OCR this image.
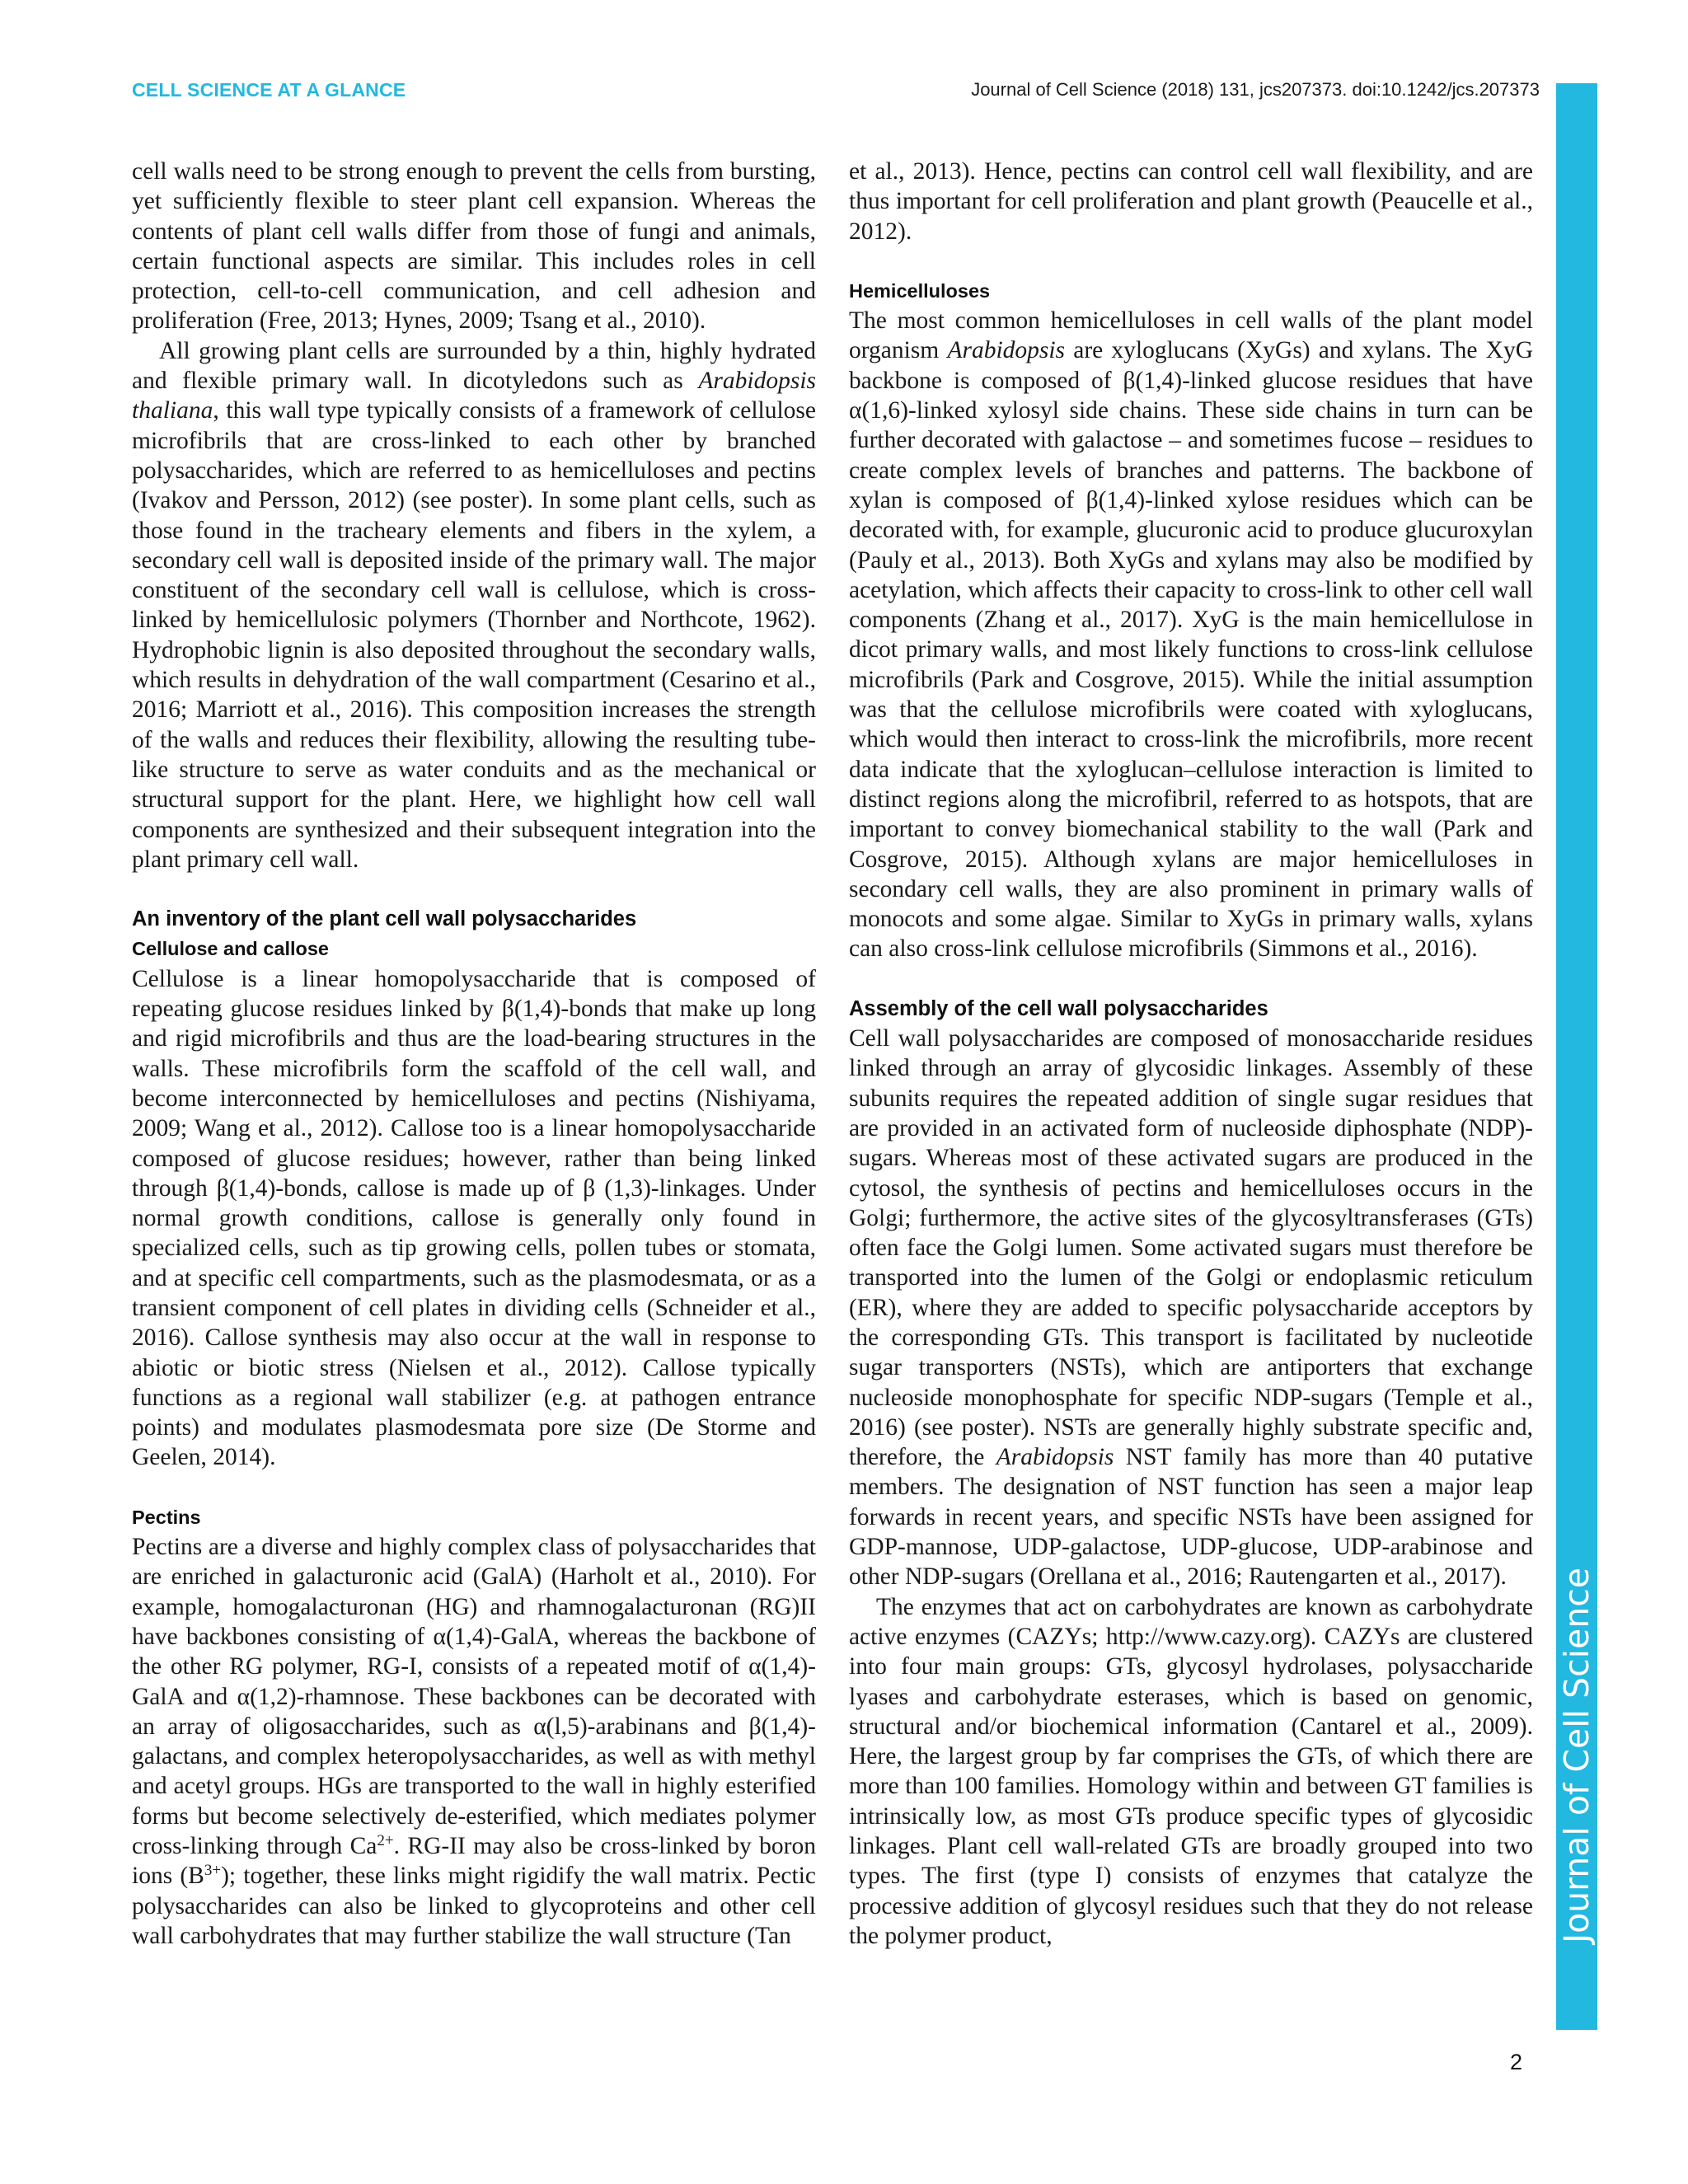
CELL SCIENCE AT A GLANCE	Journal of Cell Science (2018) 131, jcs207373. doi:10.1242/jcs.207373
Journal of Cell Science

cell walls need to be strong enough to prevent the cells from bursting, yet sufficiently flexible to steer plant cell expansion. Whereas the contents of plant cell walls differ from those of fungi and animals, certain functional aspects are similar. This includes roles in cell protection, cell-to-cell communication, and cell adhesion and proliferation (Free, 2013; Hynes, 2009; Tsang et al., 2010).

All growing plant cells are surrounded by a thin, highly hydrated and flexible primary wall. In dicotyledons such as Arabidopsis thaliana, this wall type typically consists of a framework of cellulose microfibrils that are cross-linked to each other by branched polysaccharides, which are referred to as hemicelluloses and pectins (Ivakov and Persson, 2012) (see poster). In some plant cells, such as those found in the tracheary elements and fibers in the xylem, a secondary cell wall is deposited inside of the primary wall. The major constituent of the secondary cell wall is cellulose, which is cross-linked by hemicellulosic polymers (Thornber and Northcote, 1962). Hydrophobic lignin is also deposited throughout the secondary walls, which results in dehydration of the wall compartment (Cesarino et al., 2016; Marriott et al., 2016). This composition increases the strength of the walls and reduces their flexibility, allowing the resulting tube-like structure to serve as water conduits and as the mechanical or structural support for the plant. Here, we highlight how cell wall components are synthesized and their subsequent integration into the plant primary cell wall.

An inventory of the plant cell wall polysaccharides
Cellulose and callose

Cellulose is a linear homopolysaccharide that is composed of repeating glucose residues linked by β(1,4)-bonds that make up long and rigid microfibrils and thus are the load-bearing structures in the walls. These microfibrils form the scaffold of the cell wall, and become interconnected by hemicelluloses and pectins (Nishiyama, 2009; Wang et al., 2012). Callose too is a linear homopolysaccharide composed of glucose residues; however, rather than being linked through β(1,4)-bonds, callose is made up of β (1,3)-linkages. Under normal growth conditions, callose is generally only found in specialized cells, such as tip growing cells, pollen tubes or stomata, and at specific cell compartments, such as the plasmodesmata, or as a transient component of cell plates in dividing cells (Schneider et al., 2016). Callose synthesis may also occur at the wall in response to abiotic or biotic stress (Nielsen et al., 2012). Callose typically functions as a regional wall stabilizer (e.g. at pathogen entrance points) and modulates plasmodesmata pore size (De Storme and Geelen, 2014).

Pectins

Pectins are a diverse and highly complex class of polysaccharides that are enriched in galacturonic acid (GalA) (Harholt et al., 2010). For example, homogalacturonan (HG) and rhamnogalacturonan (RG)II have backbones consisting of α(1,4)-GalA, whereas the backbone of the other RG polymer, RG-I, consists of a repeated motif of α(1,4)-GalA and α(1,2)-rhamnose. These backbones can be decorated with an array of oligosaccharides, such as α(l,5)-arabinans and β(1,4)-galactans, and complex heteropolysaccharides, as well as with methyl and acetyl groups. HGs are transported to the wall in highly esterified forms but become selectively de-esterified, which mediates polymer cross-linking through $Ca^{2+}$. RG-II may also be cross-linked by boron ions $(B^{3+})$; together, these links might rigidify the wall matrix. Pectic polysaccharides can also be linked to glycoproteins and other cell wall carbohydrates that may further stabilize the wall structure (Tan

et al., 2013). Hence, pectins can control cell wall flexibility, and are thus important for cell proliferation and plant growth (Peaucelle et al., 2012).

Hemicelluloses

The most common hemicelluloses in cell walls of the plant model organism Arabidopsis are xyloglucans (XyGs) and xylans. The XyG backbone is composed of β(1,4)-linked glucose residues that have α(1,6)-linked xylosyl side chains. These side chains in turn can be further decorated with galactose – and sometimes fucose – residues to create complex levels of branches and patterns. The backbone of xylan is composed of β(1,4)-linked xylose residues which can be decorated with, for example, glucuronic acid to produce glucuroxylan (Pauly et al., 2013). Both XyGs and xylans may also be modified by acetylation, which affects their capacity to cross-link to other cell wall components (Zhang et al., 2017). XyG is the main hemicellulose in dicot primary walls, and most likely functions to cross-link cellulose microfibrils (Park and Cosgrove, 2015). While the initial assumption was that the cellulose microfibrils were coated with xyloglucans, which would then interact to cross-link the microfibrils, more recent data indicate that the xyloglucan–cellulose interaction is limited to distinct regions along the microfibril, referred to as hotspots, that are important to convey biomechanical stability to the wall (Park and Cosgrove, 2015). Although xylans are major hemicelluloses in secondary cell walls, they are also prominent in primary walls of monocots and some algae. Similar to XyGs in primary walls, xylans can also cross-link cellulose microfibrils (Simmons et al., 2016).

Assembly of the cell wall polysaccharides

Cell wall polysaccharides are composed of monosaccharide residues linked through an array of glycosidic linkages. Assembly of these subunits requires the repeated addition of single sugar residues that are provided in an activated form of nucleoside diphosphate (NDP)-sugars. Whereas most of these activated sugars are produced in the cytosol, the synthesis of pectins and hemicelluloses occurs in the Golgi; furthermore, the active sites of the glycosyltransferases (GTs) often face the Golgi lumen. Some activated sugars must therefore be transported into the lumen of the Golgi or endoplasmic reticulum (ER), where they are added to specific polysaccharide acceptors by the corresponding GTs. This transport is facilitated by nucleotide sugar transporters (NSTs), which are antiporters that exchange nucleoside monophosphate for specific NDP-sugars (Temple et al., 2016) (see poster). NSTs are generally highly substrate specific and, therefore, the Arabidopsis NST family has more than 40 putative members. The designation of NST function has seen a major leap forwards in recent years, and specific NSTs have been assigned for GDP-mannose, UDP-galactose, UDP-glucose, UDP-arabinose and other NDP-sugars (Orellana et al., 2016; Rautengarten et al., 2017).

The enzymes that act on carbohydrates are known as carbohydrate active enzymes (CAZYs; http://www.cazy.org). CAZYs are clustered into four main groups: GTs, glycosyl hydrolases, polysaccharide lyases and carbohydrate esterases, which is based on genomic, structural and/or biochemical information (Cantarel et al., 2009). Here, the largest group by far comprises the GTs, of which there are more than 100 families. Homology within and between GT families is intrinsically low, as most GTs produce specific types of glycosidic linkages. Plant cell wall-related GTs are broadly grouped into two types. The first (type I) consists of enzymes that catalyze the processive addition of glycosyl residues such that they do not release the polymer product,

2
